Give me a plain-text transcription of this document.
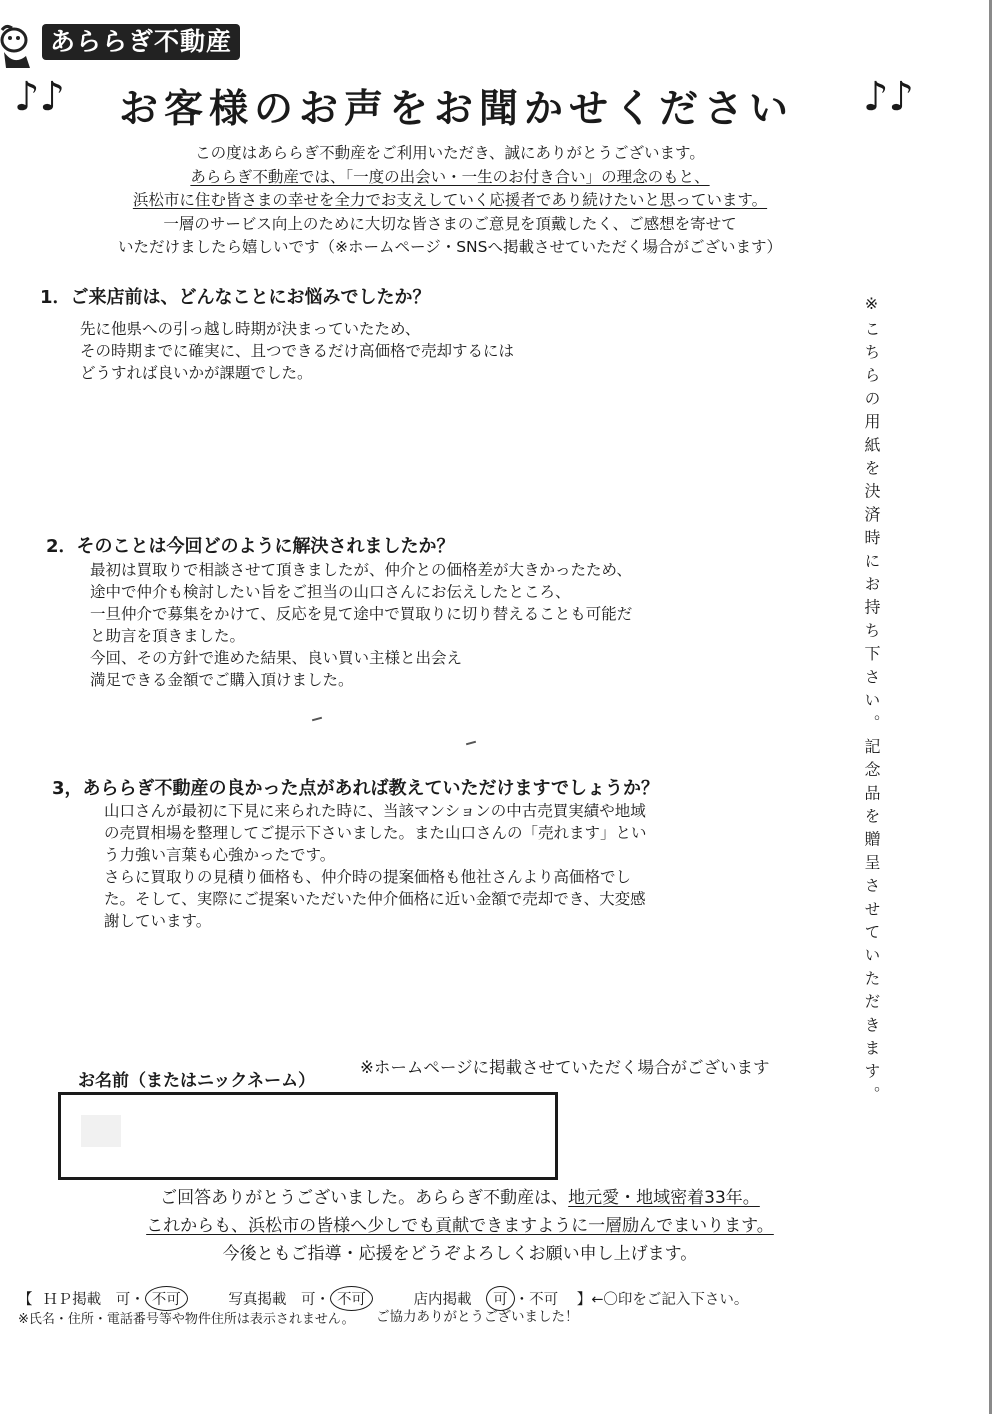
あららぎ不動産
♪♪ お客様のお声をお聞かせください ♪♪
この度はあららぎ不動産をご利用いただき、誠にありがとうございます。
あららぎ不動産では、「一度の出会い・一生のお付き合い」の理念のもと、
浜松市に住む皆さまの幸せを全力でお支えしていく応援者であり続けたいと思っています。
一層のサービス向上のために大切な皆さまのご意見を頂戴したく、ご感想を寄せて
いただけましたら嬉しいです（※ホームページ・SNSへ掲載させていただく場合がございます）
1．ご来店前は、どんなことにお悩みでしたか？
先に他県への引っ越し時期が決まっていたため、
その時期までに確実に、且つできるだけ高価格で売却するには
どうすれば良いかが課題でした。
2．そのことは今回どのように解決されましたか？
最初は買取りで相談させて頂きましたが、仲介との価格差が大きかったため、
途中で仲介も検討したい旨をご担当の山口さんにお伝えしたところ、
一旦仲介で募集をかけて、反応を見て途中で買取りに切り替えることも可能だ
と助言を頂きました。
今回、その方針で進めた結果、良い買い主様と出会え
満足できる金額でご購入頂けました。
3，あららぎ不動産の良かった点があれば教えていただけますでしょうか？
山口さんが最初に下見に来られた時に、当該マンションの中古売買実績や地域
の売買相場を整理してご提示下さいました。また山口さんの「売れます」とい
う力強い言葉も心強かったです。
さらに買取りの見積り価格も、仲介時の提案価格も他社さんより高価格でし
た。そして、実際にご提案いただいた仲介価格に近い金額で売却でき、大変感
謝しています。	※こちらの用紙を決済時にお持ち下さい。記念品を贈呈させていただきます。
お名前（またはニックネーム）
※ホームページに掲載させていただく場合がございます
ご回答ありがとうございました。あららぎ不動産は、地元愛・地域密着33年。
これからも、浜松市の皆様へ少しでも貢献できますように一層励んでまいります。
今後ともご指導・応援をどうぞよろしくお願い申し上げます。
【 ＨＰ掲載 可・ 不可	写真掲載 可・ 不可	店内掲載 可 ・不可 】←〇印をご記入下さい。
※氏名・住所・電話番号等や物件住所は表示されません。 ご協力ありがとうございました！
